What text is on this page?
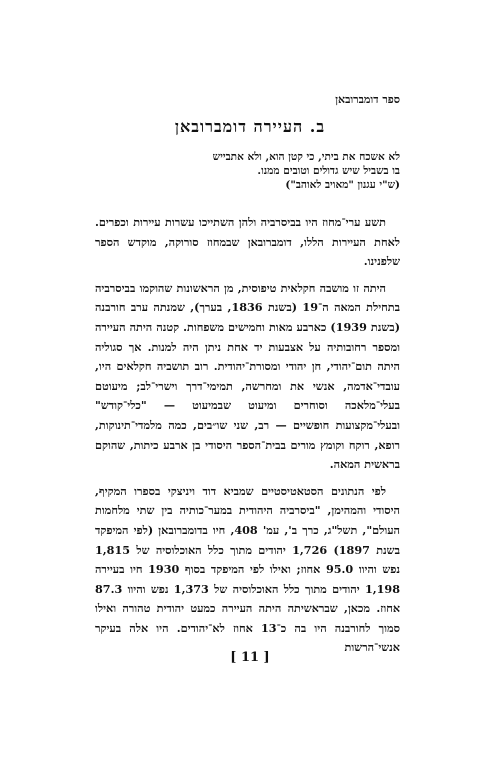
ספר דומברובאן
ב. העיירה דומברובאן
לא אשכח את ביתי, כי קטן הוא, ולא אתבייש
בו בשביל שיש גדולים וטובים ממנו.
(ש"י עגנון "מאויב לאוהב")

תשע ערי־מחוז היו בביסרביה ולהן השתייכו עשרות עיירות וכפרים. לאחת העיירות הללו, דומברובאן שבמחוז סורוקה, מוקדש הספר שלפנינו.

היתה זו מושבה חקלאית טיפוסית, מן הראשונות שהוקמו בביסרביה בתחילת המאה ה־19 (בשנת 1836, בערך), שמנתה ערב חורבנה (בשנת 1939) כארבע מאות וחמישים משפחות. קטנה היתה העיירה ומספר רחובותיה על אצבעות יד אחת ניתן היה למנות. אך סגוליה היתה תום־יהודי, חן יהודי ומסורת־יהודית. רוב תושביה חקלאים היו, עובדי־אדמה, אנשי את ומחרשה, תמימי־דרך וישרי־לב; מיעוטם בעלי־מלאכה וסוחרים ומיעוט שבמיעוט — "כלי־קודש" ובעלי־מקצועות חופשיים — רב, שני שו״בים, כמה מלמדי־תינוקות, רופא, רוקח וקומץ מורים בבית־הספר היסודי בן ארבע כיתות, שהוקם בראשית המאה.

לפי הנתונים הסטאטיסטיים שמביא דוד ויניצקי בספרו המקיף, היסודי והמהימן, "ביסרביה היהודית במער־כותיה בין שתי מלחמות העולם", תשל"ג, כרך ב', עמ' 408, חיו בדומברובאן (לפי המיפקד בשנת 1897) 1,726 יהודים מתוך כלל האוכלוסיה של 1,815 נפש והיוו 95.0 אחוז; ואילו לפי המיפקד בסוף 1930 חיו בעיירה 1,198 יהודים מתוך כלל האוכלוסיה של 1,373 נפש והיוו 87.3 אחוז. מכאן, שבראשיתה היתה העיירה כמעט יהודית טהורה ואילו סמוך לחורבנה היו בה כ־13 אחוז לא־יהודים. היו אלה בעיקר אנשי־הרשות

[ 11 ]
